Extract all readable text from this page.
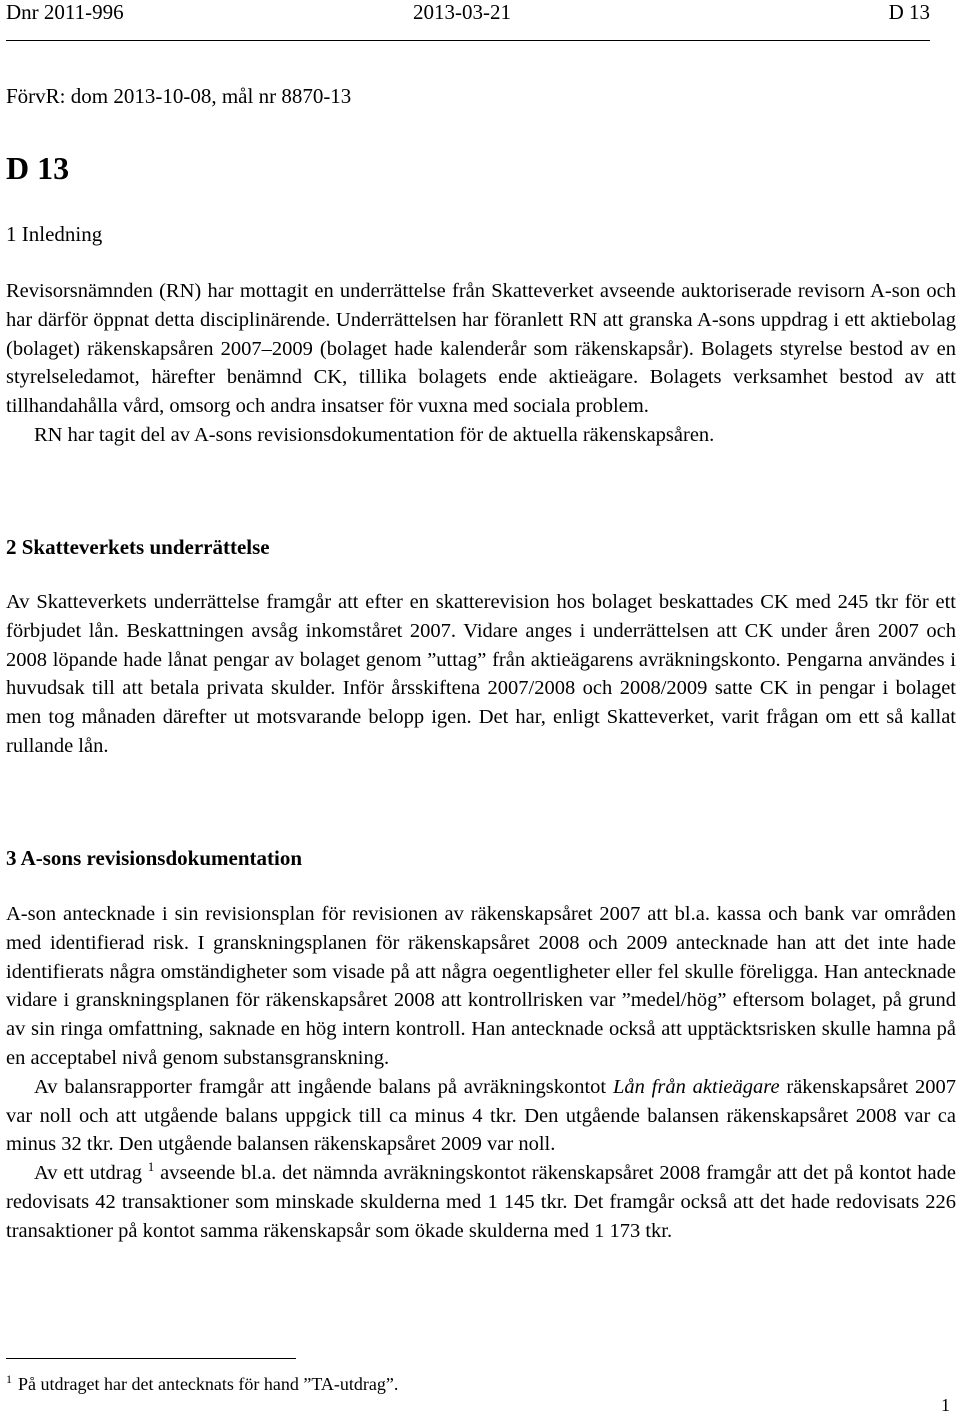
Dnr 2011-996	2013-03-21	D 13
FörvR: dom 2013-10-08, mål nr 8870-13
D 13
1 Inledning

Revisorsnämnden (RN) har mottagit en underrättelse från Skatteverket avseende auktoriserade revisorn A-son och har därför öppnat detta disciplinärende. Underrättelsen har föranlett RN att granska A-sons uppdrag i ett aktiebolag (bolaget) räkenskapsåren 2007–2009 (bolaget hade kalenderår som räkenskapsår). Bolagets styrelse bestod av en styrelseledamot, härefter benämnd CK, tillika bolagets ende aktieägare. Bolagets verksamhet bestod av att tillhandahålla vård, omsorg och andra insatser för vuxna med sociala problem.

RN har tagit del av A-sons revisionsdokumentation för de aktuella räkenskapsåren.

2 Skatteverkets underrättelse

Av Skatteverkets underrättelse framgår att efter en skatterevision hos bolaget beskattades CK med 245 tkr för ett förbjudet lån. Beskattningen avsåg inkomståret 2007. Vidare anges i underrättelsen att CK under åren 2007 och 2008 löpande hade lånat pengar av bolaget genom ”uttag” från aktieägarens avräkningskonto. Pengarna användes i huvudsak till att betala privata skulder. Inför årsskiftena 2007/2008 och 2008/2009 satte CK in pengar i bolaget men tog månaden därefter ut motsvarande belopp igen. Det har, enligt Skatteverket, varit frågan om ett så kallat rullande lån.

3 A-sons revisionsdokumentation

A-son antecknade i sin revisionsplan för revisionen av räkenskapsåret 2007 att bl.a. kassa och bank var områden med identifierad risk. I granskningsplanen för räkenskapsåret 2008 och 2009 antecknade han att det inte hade identifierats några omständigheter som visade på att några oegentligheter eller fel skulle föreligga. Han antecknade vidare i granskningsplanen för räkenskapsåret 2008 att kontrollrisken var ”medel/hög” eftersom bolaget, på grund av sin ringa omfattning, saknade en hög intern kontroll. Han antecknade också att upptäcktsrisken skulle hamna på en acceptabel nivå genom substansgranskning.

Av balansrapporter framgår att ingående balans på avräkningskontot Lån från aktieägare räkenskapsåret 2007 var noll och att utgående balans uppgick till ca minus 4 tkr. Den utgående balansen räkenskapsåret 2008 var ca minus 32 tkr. Den utgående balansen räkenskapsåret 2009 var noll.

Av ett utdrag $^1$ avseende bl.a. det nämnda avräkningskontot räkenskapsåret 2008 framgår att det på kontot hade redovisats 42 transaktioner som minskade skulderna med 1 145 tkr. Det framgår också att det hade redovisats 226 transaktioner på kontot samma räkenskapsår som ökade skulderna med 1 173 tkr.

$^1$ På utdraget har det antecknats för hand ”TA-utdrag”.
1
